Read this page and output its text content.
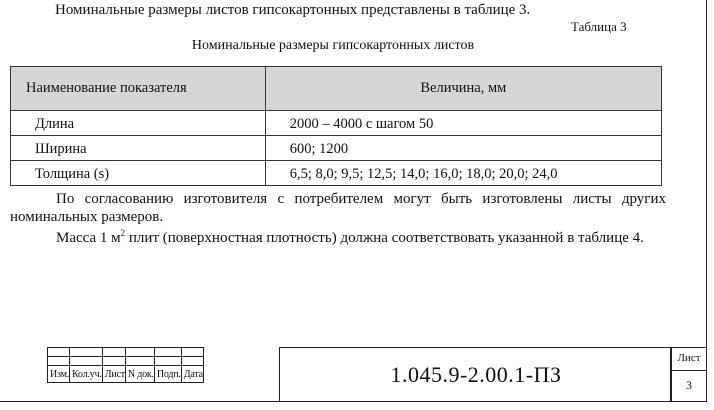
Номинальные размеры листов гипсокартонных представлены в таблице 3.
Таблица 3
Номинальные размеры гипсокартонных листов
Наименование показателя	Величина, мм
Длина	2000 – 4000 с шагом 50
Ширина	600; 1200
Толщина (s)	6,5; 8,0; 9,5; 12,5; 14,0; 16,0; 18,0; 20,0; 24,0
По согласованию изготовителя с потребителем могут быть изготовлены листы других номинальных размеров.
Масса 1 $м^2$ плит (поверхностная плотность) должна соответствовать указанной в таблице 4.

Изм.	Кол.уч.	Лист	N док.	Подп.	Дата	1.045.9-2.00.1-ПЗ
Лист
3
